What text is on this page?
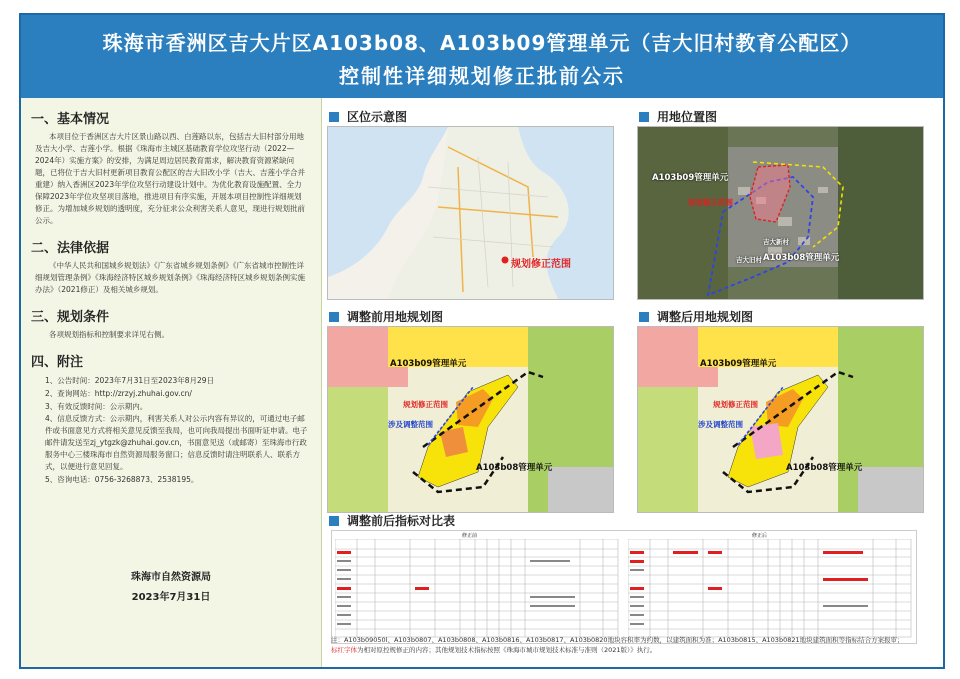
珠海市香洲区吉大片区A103b08、A103b09管理单元（吉大旧村教育公配区）
控制性详细规划修正批前公示
一、基本情况
本项目位于香洲区吉大片区景山路以西、白莲路以东，包括吉大旧村部分用地及吉大小学、吉莲小学。根据《珠海市主城区基础教育学位攻坚行动（2022—2024年）实施方案》的安排，为满足周边居民教育需求，解决教育资源紧缺问题，已将位于吉大旧村更新项目教育公配区的吉大旧改小学（吉大、吉莲小学合并重建）纳入香洲区2023年学位攻坚行动建设计划中。为优化教育设施配置、全力保障2023年学位攻坚项目落地，推进项目有序实施，开展本项目控制性详细规划修正。为增加城乡规划的透明度，充分征求公众利害关系人意见，现进行规划批前公示。
二、法律依据
《中华人民共和国城乡规划法》《广东省城乡规划条例》《广东省城市控制性详细规划管理条例》《珠海经济特区城乡规划条例》《珠海经济特区城乡规划条例实施办法》（2021修正）及相关城乡规划。
三、规划条件
各项规划指标和控制要求详见右侧。
四、附注
1、公告时间：2023年7月31日至2023年8月29日
2、查询网站：http://zrzyj.zhuhai.gov.cn/
3、有效反馈时间：公示期内。
4、信息反馈方式：公示期内，利害关系人对公示内容有异议的，可通过电子邮件或书面意见方式将相关意见反馈至我局，也可向我局提出书面听证申请。电子邮件请发送至zj_ytgzk@zhuhai.gov.cn，书面意见送（或邮寄）至珠海市行政服务中心三楼珠海市自然资源局服务窗口；信息反馈时请注明联系人、联系方式，以便进行意见回复。
5、咨询电话：0756-3268873、2538195。
珠海市自然资源局
2023年7月31日
区位示意图
规划修正范围
用地位置图
A103b09管理单元
规划修正范围
A103b08管理单元
吉大新村
吉大旧村
调整前用地规划图
A103b09管理单元
规划修正范围
涉及调整范围
A103b08管理单元
调整后用地规划图
A103b09管理单元
规划修正范围
涉及调整范围
A103b08管理单元
调整前后指标对比表
修正前	修正后
注：A103b09050l、A103b0807、A103b0808、A103b0816、A103b0817、A103b0820地块容积率为约数，以建筑面积为准；A103b0815、A103b0821地块建筑面积等指标结合方案报审；
标红字体为相对原控规修正的内容；其他规划技术指标按照《珠海市城市规划技术标准与准则（2021版）》执行。
